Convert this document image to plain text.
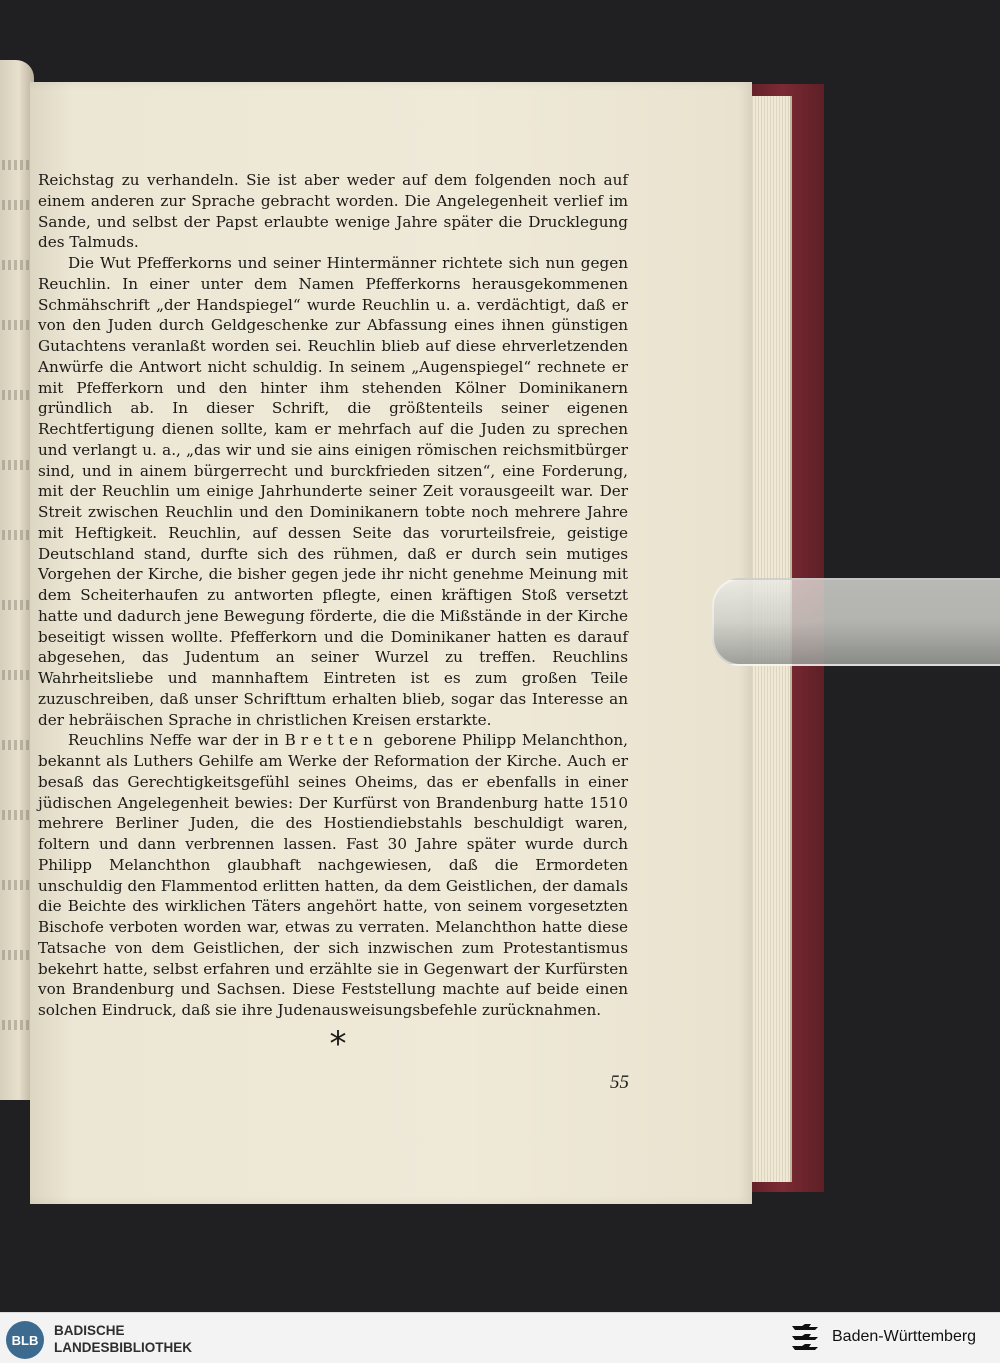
Reichstag zu verhandeln. Sie ist aber weder auf dem folgenden noch auf einem anderen zur Sprache gebracht worden. Die Angelegenheit verlief im Sande, und selbst der Papst erlaubte wenige Jahre später die Drucklegung des Talmuds.

Die Wut Pfefferkorns und seiner Hintermänner richtete sich nun gegen Reuchlin. In einer unter dem Namen Pfefferkorns herausgekommenen Schmähschrift „der Handspiegel“ wurde Reuchlin u. a. verdächtigt, daß er von den Juden durch Geldgeschenke zur Abfassung eines ihnen günstigen Gutachtens veranlaßt worden sei. Reuchlin blieb auf diese ehrverletzenden Anwürfe die Antwort nicht schuldig. In seinem „Augenspiegel“ rechnete er mit Pfefferkorn und den hinter ihm stehenden Kölner Dominikanern gründlich ab. In dieser Schrift, die größtenteils seiner eigenen Rechtfertigung dienen sollte, kam er mehrfach auf die Juden zu sprechen und verlangt u. a., „das wir und sie ains einigen römischen reichsmitbürger sind, und in ainem bürgerrecht und burckfrieden sitzen“, eine Forderung, mit der Reuchlin um einige Jahrhunderte seiner Zeit vorausgeeilt war. Der Streit zwischen Reuchlin und den Dominikanern tobte noch mehrere Jahre mit Heftigkeit. Reuchlin, auf dessen Seite das vorurteilsfreie, geistige Deutschland stand, durfte sich des rühmen, daß er durch sein mutiges Vorgehen der Kirche, die bisher gegen jede ihr nicht genehme Meinung mit dem Scheiterhaufen zu antworten pflegte, einen kräftigen Stoß versetzt hatte und dadurch jene Bewegung förderte, die die Mißstände in der Kirche beseitigt wissen wollte. Pfefferkorn und die Dominikaner hatten es darauf abgesehen, das Judentum an seiner Wurzel zu treffen. Reuchlins Wahrheitsliebe und mannhaftem Eintreten ist es zum großen Teile zuzuschreiben, daß unser Schrifttum erhalten blieb, sogar das Interesse an der hebräischen Sprache in christlichen Kreisen erstarkte.

Reuchlins Neffe war der in Bretten geborene Philipp Melanchthon, bekannt als Luthers Gehilfe am Werke der Reformation der Kirche. Auch er besaß das Gerechtigkeitsgefühl seines Oheims, das er ebenfalls in einer jüdischen Angelegenheit bewies: Der Kurfürst von Brandenburg hatte 1510 mehrere Berliner Juden, die des Hostiendiebstahls beschuldigt waren, foltern und dann verbrennen lassen. Fast 30 Jahre später wurde durch Philipp Melanchthon glaubhaft nachgewiesen, daß die Ermordeten unschuldig den Flammentod erlitten hatten, da dem Geistlichen, der damals die Beichte des wirklichen Täters angehört hatte, von seinem vorgesetzten Bischofe verboten worden war, etwas zu verraten. Melanchthon hatte diese Tatsache von dem Geistlichen, der sich inzwischen zum Protestantismus bekehrt hatte, selbst erfahren und erzählte sie in Gegenwart der Kurfürsten von Brandenburg und Sachsen. Diese Feststellung machte auf beide einen solchen Eindruck, daß sie ihre Judenausweisungsbefehle zurücknahmen.

*
55
BLB
BADISCHE
LANDESBIBLIOTHEK
Baden-Württemberg
